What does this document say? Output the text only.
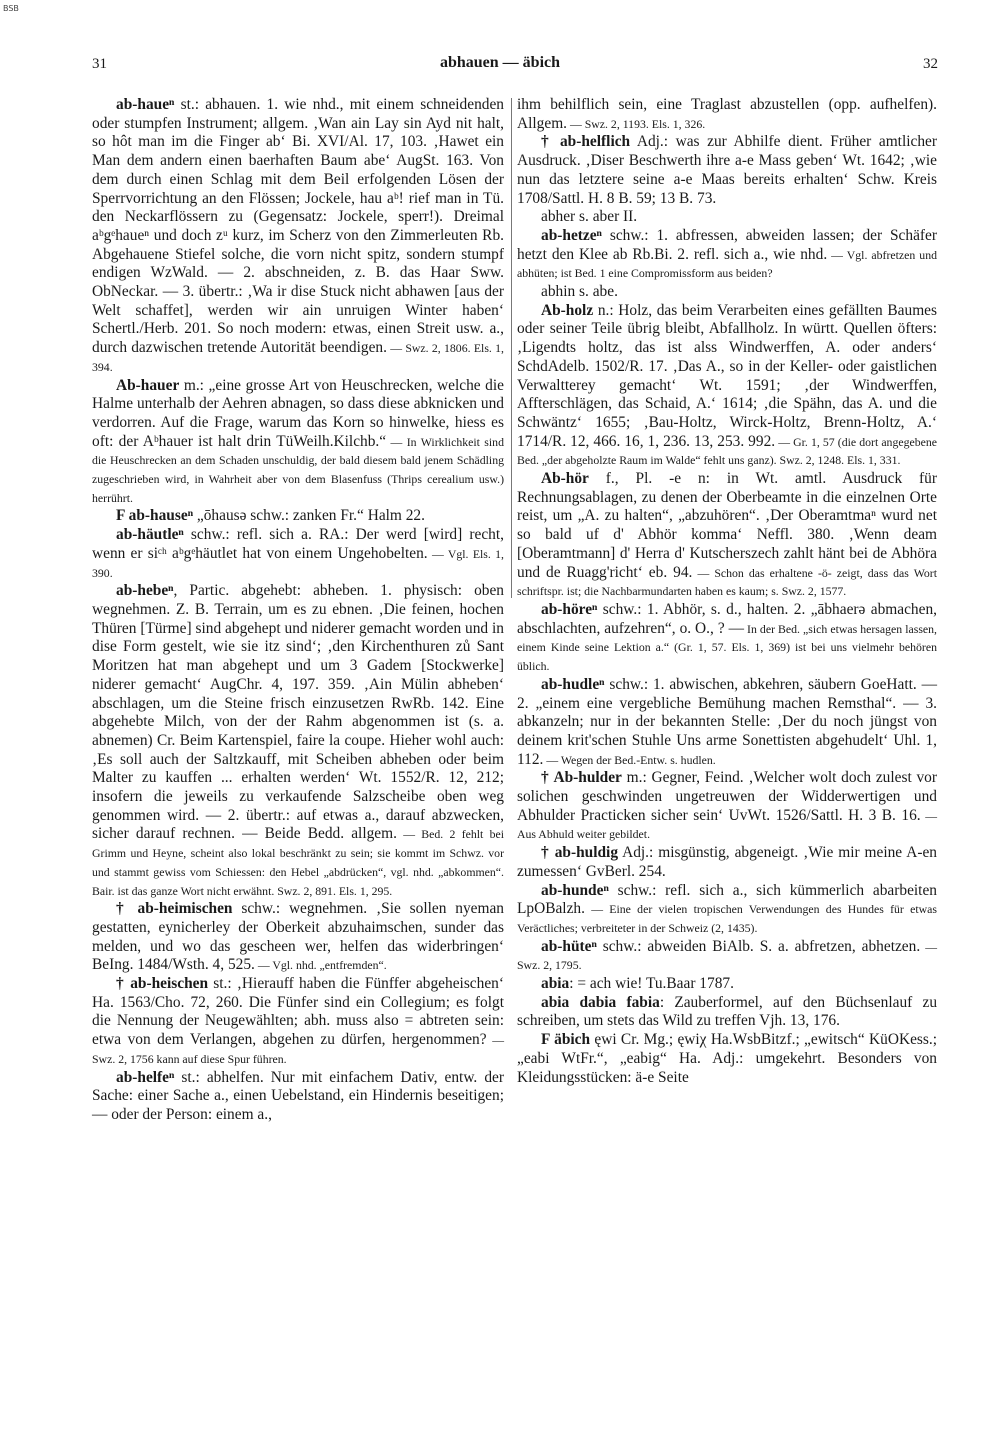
BSB
31	abhauen — äbich	32

ab-haueⁿ st.: abhauen. 1. wie nhd., mit einem schneidenden oder stumpfen Instrument; allgem. ‚Wan ain Lay sin Ayd nit halt, so hôt man im die Finger ab‘ Bi. XVI/Al. 17, 103. ‚Hawet ein Man dem andern einen baerhaften Baum abe‘ AugSt. 163. Von dem durch einen Schlag mit dem Beil erfolgenden Lösen der Sperrvorrichtung an den Flössen; Jockele, hau aᵇ! rief man in Tü. den Neckarflössern zu (Gegensatz: Jockele, sperr!). Dreimal aᵇgᵉhaueⁿ und doch zᵘ kurz, im Scherz von den Zimmerleuten Rb. Abgehauene Stiefel solche, die vorn nicht spitz, sondern stumpf endigen WzWald. — 2. abschneiden, z. B. das Haar Sww. ObNeckar. — 3. übertr.: ‚Wa ir dise Stuck nicht abhawen [aus der Welt schaffet], werden wir ain unruigen Winter haben‘ Schertl./Herb. 201. So noch modern: etwas, einen Streit usw. a., durch dazwischen tretende Autorität beendigen. — Swz. 2, 1806. Els. 1, 394.

Ab-hauer m.: „eine grosse Art von Heuschrecken, welche die Halme unterhalb der Aehren abnagen, so dass diese abknicken und verdorren. Auf die Frage, warum das Korn so hinwelke, hiess es oft: der Aᵇhauer ist halt drin TüWeilh.Kilchb.“ — In Wirklichkeit sind die Heuschrecken an dem Schaden unschuldig, der bald diesem bald jenem Schädling zugeschrieben wird, in Wahrheit aber von dem Blasenfuss (Thrips cerealium usw.) herrührt.

F ab-hauseⁿ „ōhausə schw.: zanken Fr.“ Halm 22.

ab-häutleⁿ schw.: refl. sich a. RA.: Der werd [wird] recht, wenn er siᶜʰ aᵇgᵉhäutlet hat von einem Ungehobelten. — Vgl. Els. 1, 390.

ab-hebeⁿ, Partic. abgehebt: abheben. 1. physisch: oben wegnehmen. Z. B. Terrain, um es zu ebnen. ‚Die feinen, hochen Thüren [Türme] sind abgehept und niderer gemacht worden und in dise Form gestelt, wie sie itz sind‘; ‚den Kirchenthuren zů Sant Moritzen hat man abgehept und um 3 Gadem [Stockwerke] niderer gemacht‘ AugChr. 4, 197. 359. ‚Ain Mülin abheben‘ abschlagen, um die Steine frisch einzusetzen RwRb. 142. Eine abgehebte Milch, von der der Rahm abgenommen ist (s. a. abnemen) Cr. Beim Kartenspiel, faire la coupe. Hieher wohl auch: ‚Es soll auch der Saltzkauff, mit Scheiben abheben oder beim Malter zu kauffen ... erhalten werden‘ Wt. 1552/R. 12, 212; insofern die jeweils zu verkaufende Salzscheibe oben weg genommen wird. — 2. übertr.: auf etwas a., darauf abzwecken, sicher darauf rechnen. — Beide Bedd. allgem. — Bed. 2 fehlt bei Grimm und Heyne, scheint also lokal beschränkt zu sein; sie kommt im Schwz. vor und stammt gewiss vom Schiessen: den Hebel „abdrücken“, vgl. nhd. „abkommen“. Bair. ist das ganze Wort nicht erwähnt. Swz. 2, 891. Els. 1, 295.

† ab-heimischen schw.: wegnehmen. ‚Sie sollen nyeman gestatten, eynicherley der Oberkeit abzuhaimschen, sunder das melden, und wo das gescheen wer, helfen das widerbringen‘ BeIng. 1484/Wsth. 4, 525. — Vgl. nhd. „entfremden“.

† ab-heischen st.: ‚Hierauff haben die Fünffer abgeheischen‘ Ha. 1563/Cho. 72, 260. Die Fünfer sind ein Collegium; es folgt die Nennung der Neugewählten; abh. muss also = abtreten sein: etwa von dem Verlangen, abgehen zu dürfen, hergenommen? — Swz. 2, 1756 kann auf diese Spur führen.

ab-helfeⁿ st.: abhelfen. Nur mit einfachem Dativ, entw. der Sache: einer Sache a., einen Uebelstand, ein Hindernis beseitigen; — oder der Person: einem a.,

ihm behilflich sein, eine Traglast abzustellen (opp. aufhelfen). Allgem. — Swz. 2, 1193. Els. 1, 326.

† ab-helflich Adj.: was zur Abhilfe dient. Früher amtlicher Ausdruck. ‚Diser Beschwerth ihre a-e Mass geben‘ Wt. 1642; ‚wie nun das letztere seine a-e Maas bereits erhalten‘ Schw. Kreis 1708/Sattl. H. 8 B. 59; 13 B. 73.

abher s. aber II.

ab-hetzeⁿ schw.: 1. abfressen, abweiden lassen; der Schäfer hetzt den Klee ab Rb.Bi. 2. refl. sich a., wie nhd. — Vgl. abfretzen und abhüten; ist Bed. 1 eine Compromissform aus beiden?

abhin s. abe.

Ab-holz n.: Holz, das beim Verarbeiten eines gefällten Baumes oder seiner Teile übrig bleibt, Abfallholz. In württ. Quellen öfters: ‚Ligendts holtz, das ist alss Windwerffen, A. oder anders‘ SchdAdelb. 1502/R. 17. ‚Das A., so in der Keller- oder gaistlichen Verwaltterey gemacht‘ Wt. 1591; ‚der Windwerffen, Affterschlägen, das Schaid, A.‘ 1614; ‚die Spähn, das A. und die Schwäntz‘ 1655; ‚Bau-Holtz, Wirck-Holtz, Brenn-Holtz, A.‘ 1714/R. 12, 466. 16, 1, 236. 13, 253. 992. — Gr. 1, 57 (die dort angegebene Bed. „der abgeholzte Raum im Walde“ fehlt uns ganz). Swz. 2, 1248. Els. 1, 331.

Ab-hör f., Pl. -e n: in Wt. amtl. Ausdruck für Rechnungsablagen, zu denen der Oberbeamte in die einzelnen Orte reist, um „A. zu halten“, „abzuhören“. ‚Der Oberamtmaⁿ wurd net so bald uf d' Abhör komma‘ Neffl. 380. ‚Wenn deam [Oberamtmann] d' Herra d' Kutscherszech zahlt hänt bei de Abhöra und de Ruagg'richt‘ eb. 94. — Schon das erhaltene -ö- zeigt, dass das Wort schriftspr. ist; die Nachbarmundarten haben es kaum; s. Swz. 2, 1577.

ab-höreⁿ schw.: 1. Abhör, s. d., halten. 2. „ābhaerə abmachen, abschlachten, aufzehren“, o. O., ? — In der Bed. „sich etwas hersagen lassen, einem Kinde seine Lektion a.“ (Gr. 1, 57. Els. 1, 369) ist bei uns vielmehr behören üblich.

ab-hudleⁿ schw.: 1. abwischen, abkehren, säubern GoeHatt. — 2. „einem eine vergebliche Bemühung machen Remsthal“. — 3. abkanzeln; nur in der bekannten Stelle: ‚Der du noch jüngst von deinem krit'schen Stuhle Uns arme Sonettisten abgehudelt‘ Uhl. 1, 112. — Wegen der Bed.-Entw. s. hudlen.

† Ab-hulder m.: Gegner, Feind. ‚Welcher wolt doch zulest vor solichen geschwinden ungetreuwen der Widderwertigen und Abhulder Practicken sicher sein‘ UvWt. 1526/Sattl. H. 3 B. 16. — Aus Abhuld weiter gebildet.

† ab-huldig Adj.: misgünstig, abgeneigt. ‚Wie mir meine A-en zumessen‘ GvBerl. 254.

ab-hundeⁿ schw.: refl. sich a., sich kümmerlich abarbeiten LpOBalzh. — Eine der vielen tropischen Verwendungen des Hundes für etwas Veräctliches; verbreiteter in der Schweiz (2, 1435).

ab-hüteⁿ schw.: abweiden BiAlb. S. a. abfretzen, abhetzen. — Swz. 2, 1795.

abia: = ach wie! Tu.Baar 1787.

abia dabia fabia: Zauberformel, auf den Büchsenlauf zu schreiben, um stets das Wild zu treffen Vjh. 13, 176.

F äbich ęwi Cr. Mg.; ęwiχ Ha.WsbBitzf.; „ewitsch“ KüOKess.; „eabi WtFr.“, „eabig“ Ha. Adj.: umgekehrt. Besonders von Kleidungsstücken: ä-e Seite
